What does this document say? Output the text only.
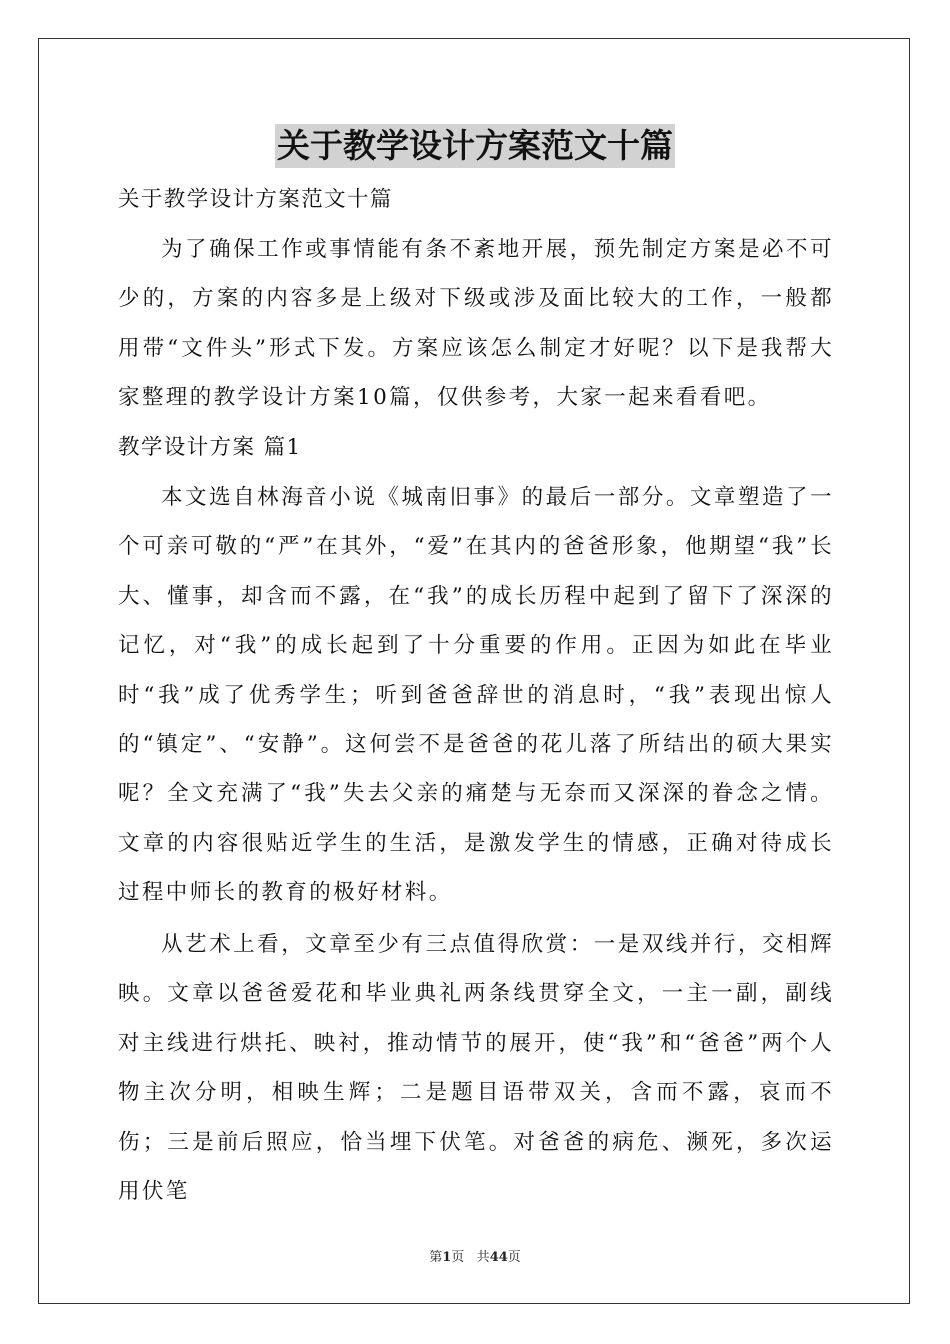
关于教学设计方案范文十篇
关于教学设计方案范文十篇
为了确保工作或事情能有条不紊地开展，预先制定方案是必不可少的，方案的内容多是上级对下级或涉及面比较大的工作，一般都用带“文件头”形式下发。方案应该怎么制定才好呢？以下是我帮大家整理的教学设计方案10篇，仅供参考，大家一起来看看吧。
教学设计方案 篇1
本文选自林海音小说《城南旧事》的最后一部分。文章塑造了一个可亲可敬的“严”在其外，“爱”在其内的爸爸形象，他期望“我”长大、懂事，却含而不露，在“我”的成长历程中起到了留下了深深的记忆，对“我”的成长起到了十分重要的作用。正因为如此在毕业时“我”成了优秀学生；听到爸爸辞世的消息时，“我”表现出惊人的“镇定”、“安静”。这何尝不是爸爸的花儿落了所结出的硕大果实呢？全文充满了“我”失去父亲的痛楚与无奈而又深深的眷念之情。文章的内容很贴近学生的生活，是激发学生的情感，正确对待成长过程中师长的教育的极好材料。
从艺术上看，文章至少有三点值得欣赏：一是双线并行，交相辉映。文章以爸爸爱花和毕业典礼两条线贯穿全文，一主一副，副线对主线进行烘托、映衬，推动情节的展开，使“我”和“爸爸”两个人物主次分明，相映生辉；二是题目语带双关，含而不露，哀而不伤；三是前后照应，恰当埋下伏笔。对爸爸的病危、濒死，多次运用伏笔
第1页 共44页
